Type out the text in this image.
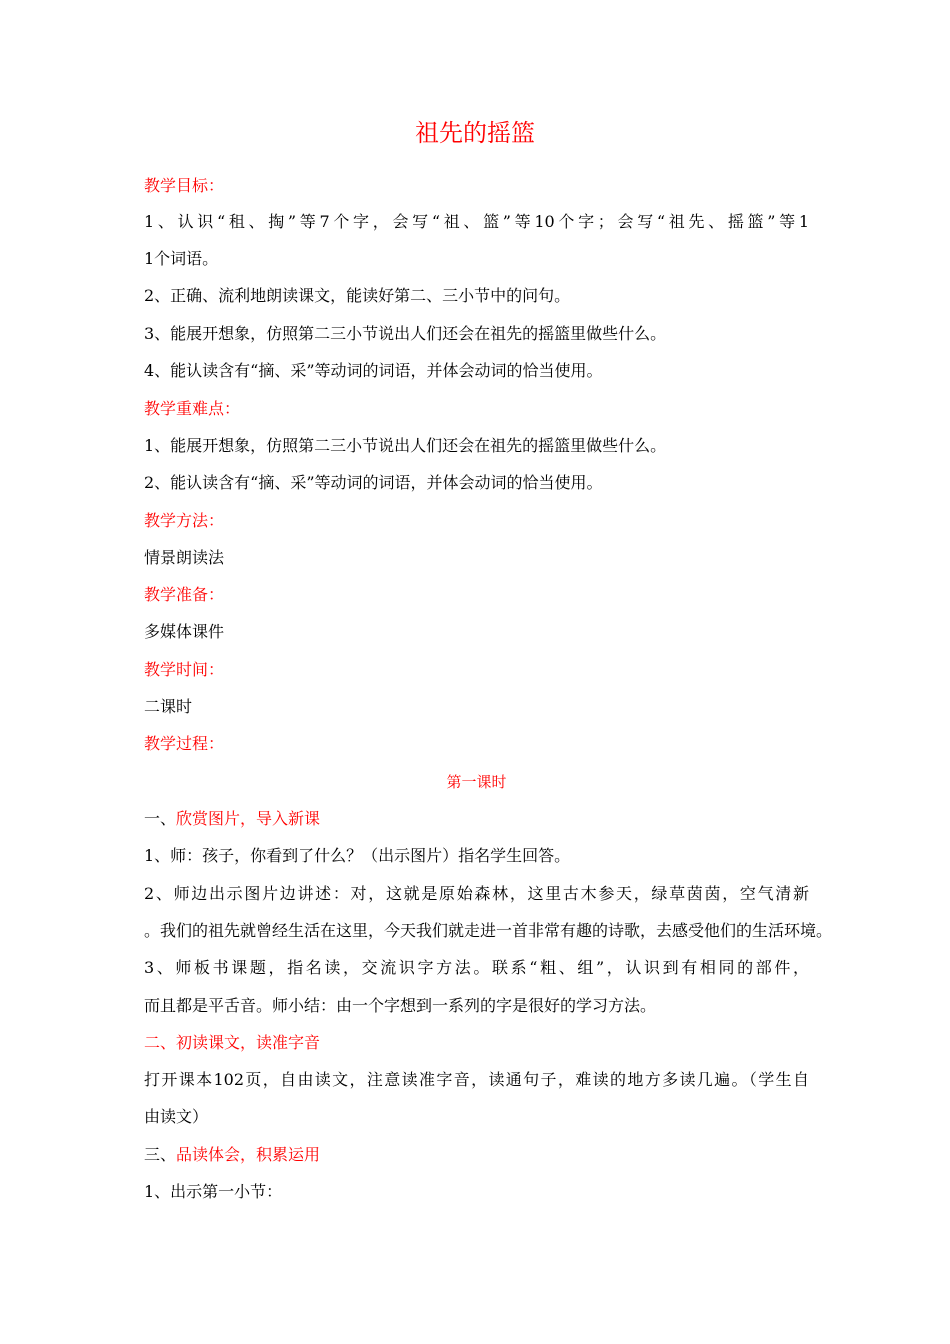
祖先的摇篮
教学目标：
1、认识“租、掏”等7个字，会写“祖、篮”等10个字；会写“祖先、摇篮”等1
1个词语。
2、正确、流利地朗读课文，能读好第二、三小节中的问句。
3、能展开想象，仿照第二三小节说出人们还会在祖先的摇篮里做些什么。
4、能认读含有“摘、采”等动词的词语，并体会动词的恰当使用。
教学重难点：
1、能展开想象，仿照第二三小节说出人们还会在祖先的摇篮里做些什么。
2、能认读含有“摘、采”等动词的词语，并体会动词的恰当使用。
教学方法：
情景朗读法
教学准备：
多媒体课件
教学时间：
二课时
教学过程：
第一课时
一、欣赏图片，导入新课
1、师：孩子，你看到了什么？（出示图片）指名学生回答。
2、师边出示图片边讲述：对，这就是原始森林，这里古木参天，绿草茵茵，空气清新
。我们的祖先就曾经生活在这里，今天我们就走进一首非常有趣的诗歌，去感受他们的生活环境。
3、师板书课题，指名读，交流识字方法。联系“粗、组”，认识到有相同的部件，
而且都是平舌音。师小结：由一个字想到一系列的字是很好的学习方法。
二、初读课文，读准字音
打开课本102页，自由读文，注意读准字音，读通句子，难读的地方多读几遍。（学生自
由读文）
三、品读体会，积累运用
1、出示第一小节：
